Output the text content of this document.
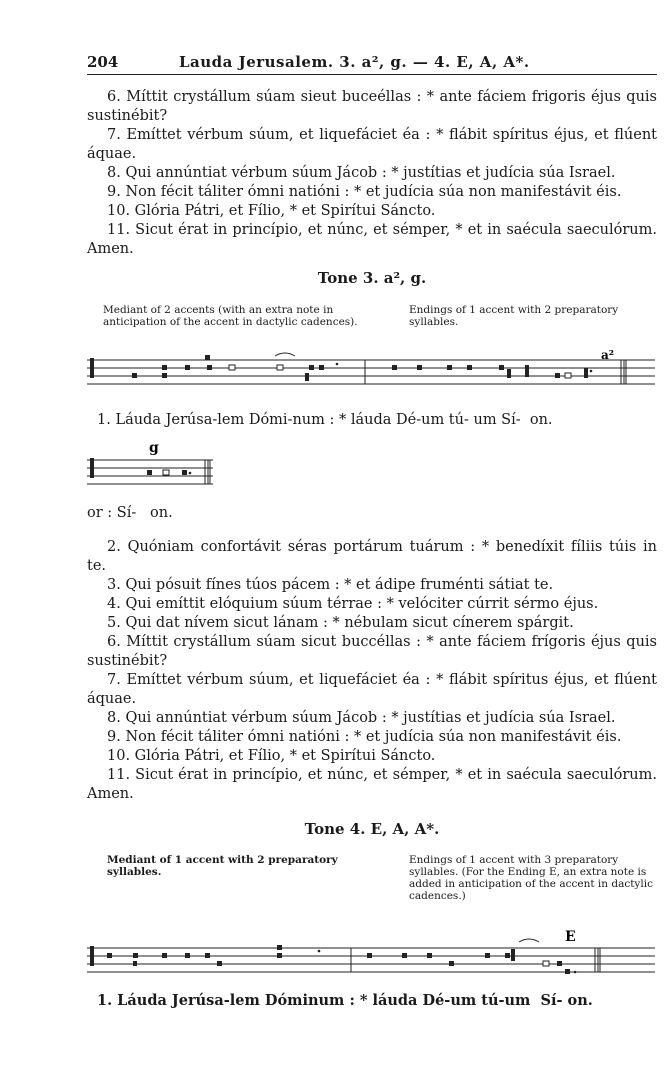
204	Lauda Jerusalem. 3. a², g. — 4. E, A, A*.

6. Míttit crystállum súam sieut buceéllas : * ante fáciem frigoris éjus quis sustinébit?

7. Emíttet vérbum súum, et liquefáciet éa : * flábit spíritus éjus, et flúent áquae.

8. Qui annúntiat vérbum súum Jácob : * justítias et judícia súa Israel.

9. Non fécit táliter ómni natióni : * et judícia súa non manifestávit éis.

10. Glória Pátri, et Fílio, * et Spirítui Sáncto.

11. Sicut érat in princípio, et núnc, et sémper, * et in saécula saeculórum. Amen.

Tone 3. a², g.
Mediant of 2 accents (with an extra note in anticipation of the accent in dactylic cadences).
Endings of 1 accent with 2 preparatory syllables.
a²
1. Láuda Jerúsa-lem Dómi-num : * láuda Dé-um tú- um Sí-  on.
g
or : Sí-   on.

2. Quóniam confortávit séras portárum tuárum : * benedíxit fíliis túis in te.

3. Qui pósuit fínes túos pácem : * et ádipe fruménti sátiat te.

4. Qui emíttit elóquium súum térrae : * velóciter cúrrit sérmo éjus.

5. Qui dat nívem sicut lánam : * nébulam sicut cínerem spárgit.

6. Míttit crystállum súam sicut buccéllas : * ante fáciem frígoris éjus quis sustinébit?

7. Emíttet vérbum súum, et liquefáciet éa : * flábit spíritus éjus, et flúent áquae.

8. Qui annúntiat vérbum súum Jácob : * justítias et judícia súa Israel.

9. Non fécit táliter ómni natióni : * et judícia súa non manifestávit éis.

10. Glória Pátri, et Fílio, * et Spirítui Sáncto.

11. Sicut érat in princípio, et núnc, et sémper, * et in saécula saeculórum. Amen.

Tone 4. E, A, A*.
Mediant of 1 accent with 2 preparatory syllables.
Endings of 1 accent with 3 preparatory syllables. (For the Ending E, an extra note is added in anticipation of the accent in dactylic cadences.)
E
1. Láuda Jerúsa-lem Dóminum : * láuda Dé-um tú-um  Sí- on.
